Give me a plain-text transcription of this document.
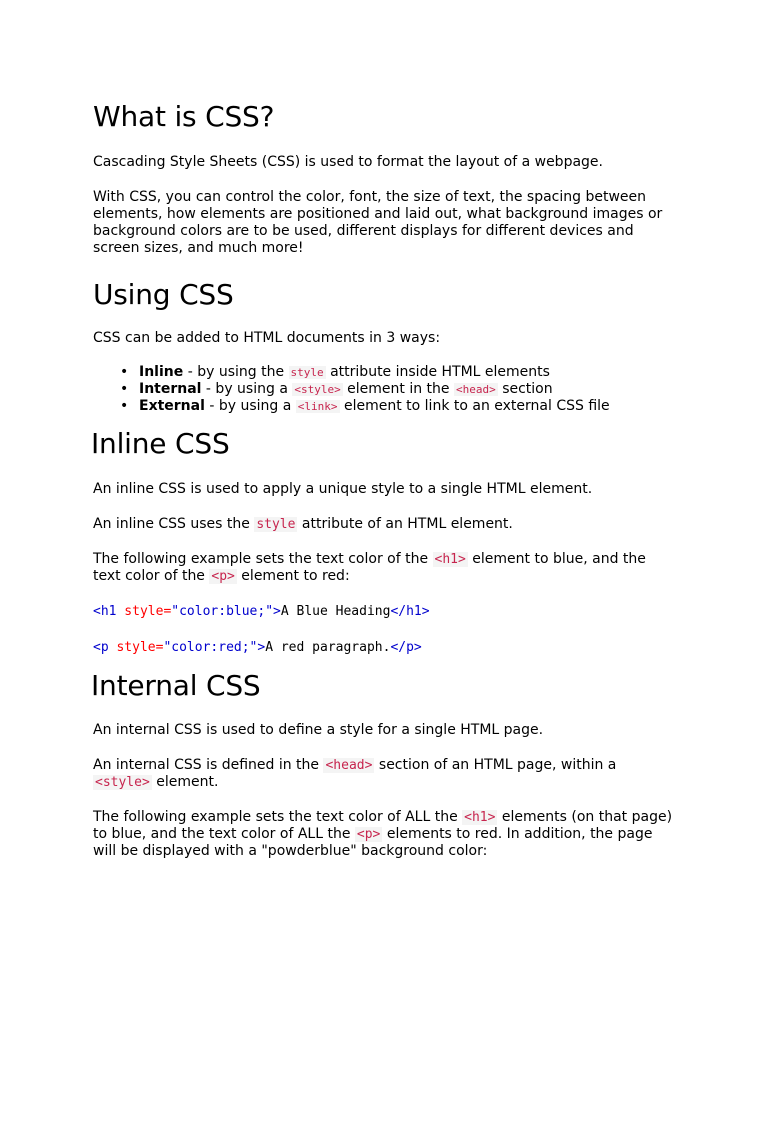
What is CSS?

Cascading Style Sheets (CSS) is used to format the layout of a webpage.

With CSS, you can control the color, font, the size of text, the spacing between elements, how elements are positioned and laid out, what background images or background colors are to be used, different displays for different devices and screen sizes, and much more!

Using CSS

CSS can be added to HTML documents in 3 ways:

• Inline - by using the style attribute inside HTML elements
• Internal - by using a <style> element in the <head> section
• External - by using a <link> element to link to an external CSS file
Inline CSS

An inline CSS is used to apply a unique style to a single HTML element.

An inline CSS uses the style attribute of an HTML element.

The following example sets the text color of the <h1> element to blue, and the text color of the <p> element to red:

<h1 style="color:blue;">A Blue Heading</h1>
<p style="color:red;">A red paragraph.</p>
Internal CSS

An internal CSS is used to define a style for a single HTML page.

An internal CSS is defined in the <head> section of an HTML page, within a <style> element.

The following example sets the text color of ALL the <h1> elements (on that page) to blue, and the text color of ALL the <p> elements to red. In addition, the page will be displayed with a "powderblue" background color:
